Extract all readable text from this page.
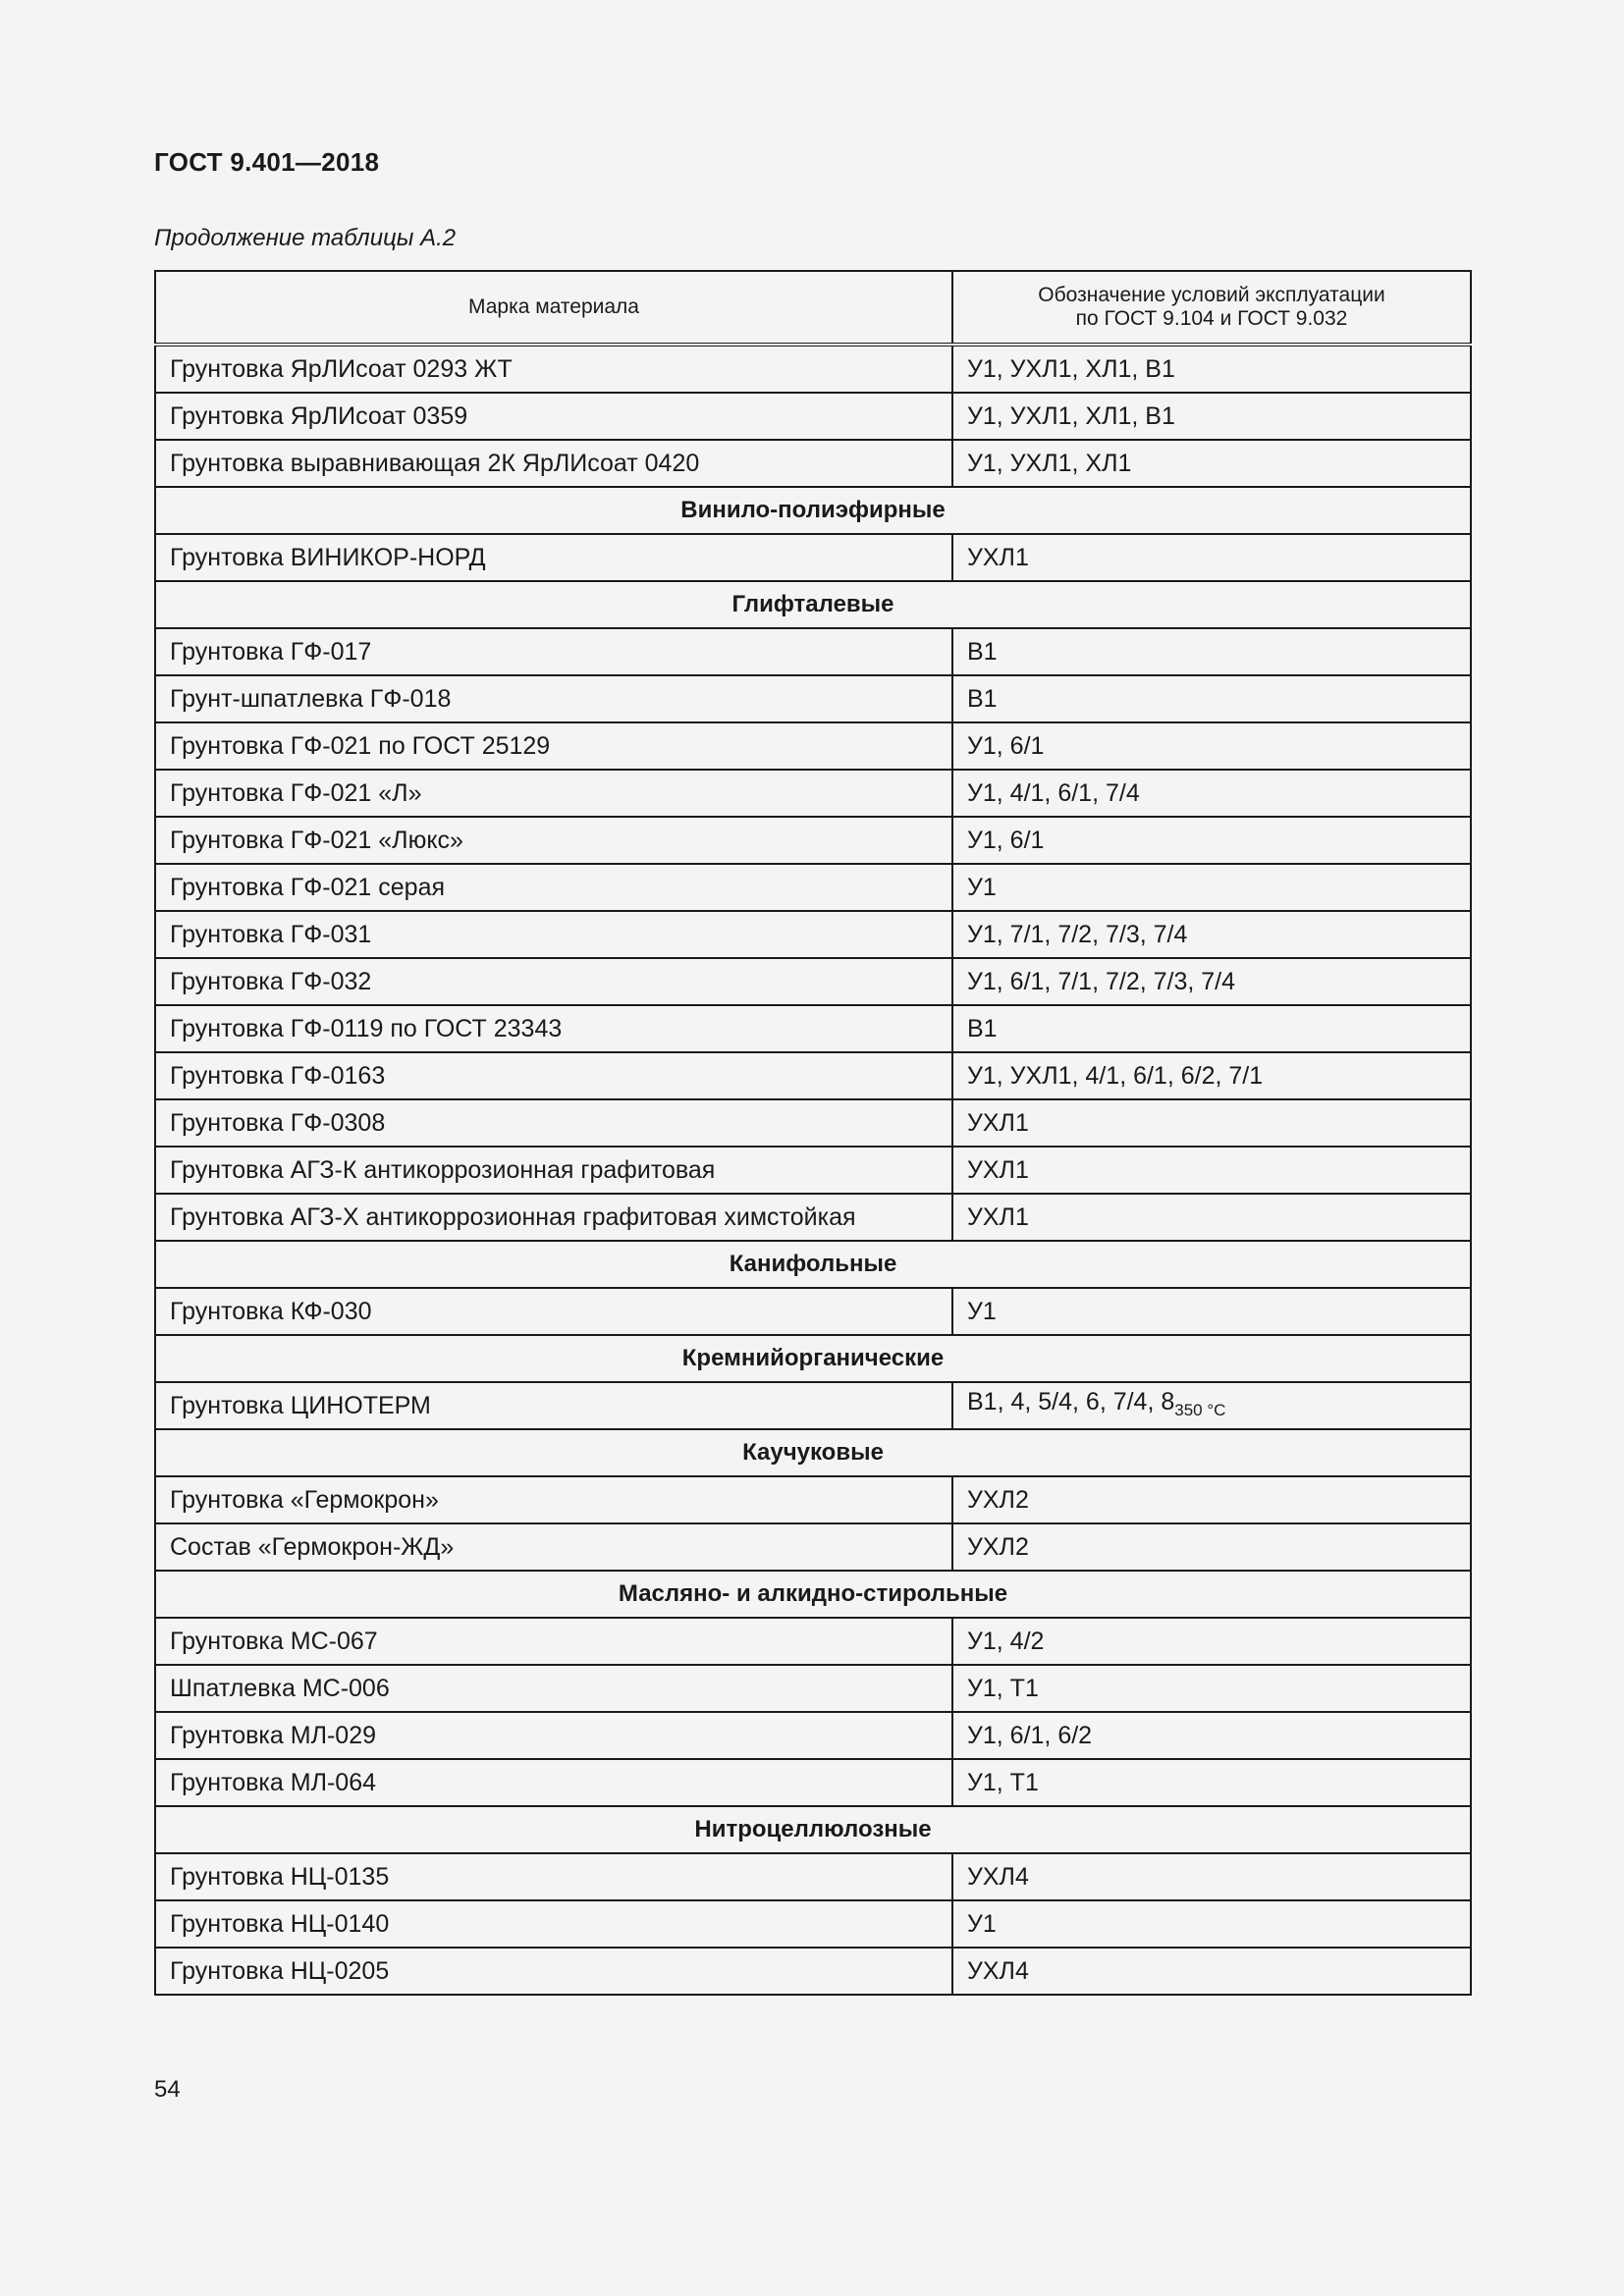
ГОСТ 9.401—2018
Продолжение таблицы А.2
Марка материала	Обозначение условий эксплуатации
по ГОСТ 9.104 и ГОСТ 9.032

Грунтовка ЯрЛИсоат 0293 ЖТ	У1, УХЛ1, ХЛ1, В1
Грунтовка ЯрЛИсоат 0359	У1, УХЛ1, ХЛ1, В1
Грунтовка выравнивающая 2К ЯрЛИсоат 0420	У1, УХЛ1, ХЛ1
Винило-полиэфирные	
Грунтовка ВИНИКОР-НОРД	УХЛ1
Глифталевые	
Грунтовка ГФ-017	В1
Грунт-шпатлевка ГФ-018	В1
Грунтовка ГФ-021 по ГОСТ 25129	У1, 6/1
Грунтовка ГФ-021 «Л»	У1, 4/1, 6/1, 7/4
Грунтовка ГФ-021 «Люкс»	У1, 6/1
Грунтовка ГФ-021 серая	У1
Грунтовка ГФ-031	У1, 7/1, 7/2, 7/3, 7/4
Грунтовка ГФ-032	У1, 6/1, 7/1, 7/2, 7/3, 7/4
Грунтовка ГФ-0119 по ГОСТ 23343	В1
Грунтовка ГФ-0163	У1, УХЛ1, 4/1, 6/1, 6/2, 7/1
Грунтовка ГФ-0308	УХЛ1
Грунтовка АГЗ-К антикоррозионная графитовая	УХЛ1
Грунтовка АГЗ-Х антикоррозионная графитовая химстойкая	УХЛ1
Канифольные	
Грунтовка КФ-030	У1
Кремнийорганические	
Грунтовка ЦИНОТЕРМ	В1, 4, 5/4, 6, 7/4, $8_{350 ^\circ С}$
Каучуковые	
Грунтовка «Гермокрон»	УХЛ2
Состав «Гермокрон-ЖД»	УХЛ2
Масляно- и алкидно-стирольные	
Грунтовка МС-067	У1, 4/2
Шпатлевка МС-006	У1, Т1
Грунтовка МЛ-029	У1, 6/1, 6/2
Грунтовка МЛ-064	У1, Т1
Нитроцеллюлозные	
Грунтовка НЦ-0135	УХЛ4
Грунтовка НЦ-0140	У1
Грунтовка НЦ-0205	УХЛ4
54
